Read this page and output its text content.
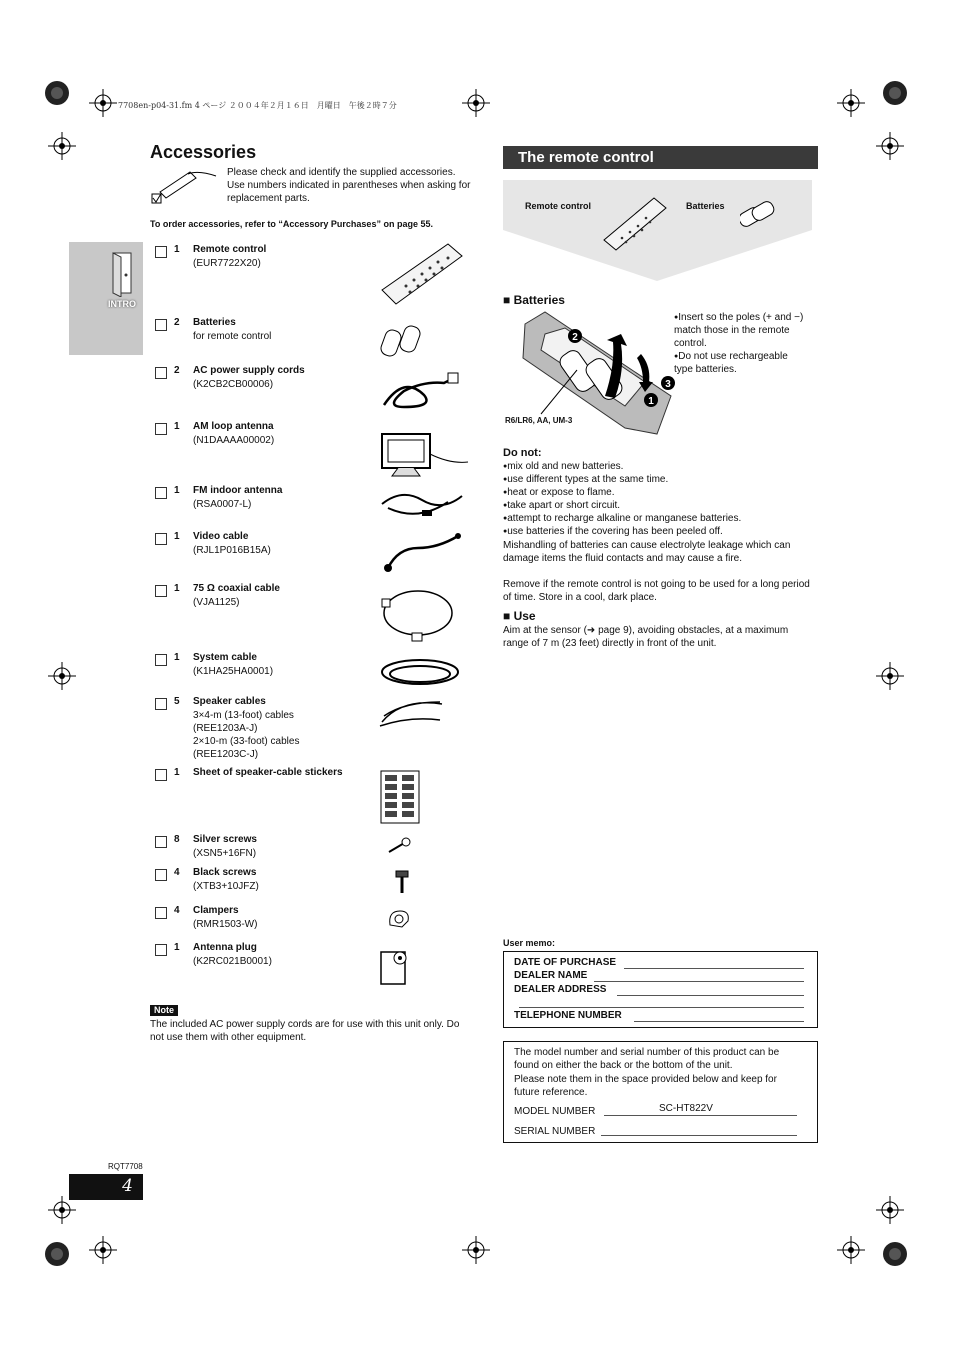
7708en-p04-31.fm 4 ページ ２００４年２月１６日　月曜日　午後２時７分
Accessories
Please check and identify the supplied accessories. Use numbers indicated in parentheses when asking for replacement parts.
To order accessories, refer to “Accessory Purchases” on page 55.
INTRO
1 Remote control
(EUR7722X20)
2 Batteries
for remote control
2 AC power supply cords
(K2CB2CB00006)
1 AM loop antenna
(N1DAAAA00002)
1 FM indoor antenna
(RSA0007-L)
1 Video cable
(RJL1P016B15A)
1 75 Ω coaxial cable
(VJA1125)
1 System cable
(K1HA25HA0001)
5 Speaker cables
3×4-m (13-foot) cables
(REE1203A-J)
2×10-m (33-foot) cables
(REE1203C-J)
1 Sheet of speaker-cable stickers
8 Silver screws
(XSN5+16FN)
4 Black screws
(XTB3+10JFZ)
4 Clampers
(RMR1503-W)
1 Antenna plug
(K2RC021B0001)
Note
The included AC power supply cords are for use with this unit only. Do not use them with other equipment.
The remote control
Remote control	Batteries
■ Batteries
2
3
1
● Insert so the poles (+ and −) match those in the remote control.
● Do not use rechargeable type batteries.
R6/LR6, AA, UM-3
Do not:
● mix old and new batteries.
● use different types at the same time.
● heat or expose to flame.
● take apart or short circuit.
● attempt to recharge alkaline or manganese batteries.
● use batteries if the covering has been peeled off.
Mishandling of batteries can cause electrolyte leakage which can damage items the fluid contacts and may cause a fire.
Remove if the remote control is not going to be used for a long period of time. Store in a cool, dark place.
■ Use
Aim at the sensor (➜ page 9), avoiding obstacles, at a maximum range of 7 m (23 feet) directly in front of the unit.
User memo:
DATE OF PURCHASE
DEALER NAME
DEALER ADDRESS
TELEPHONE NUMBER
The model number and serial number of this product can be found on either the back or the bottom of the unit.
Please note them in the space provided below and keep for future reference.
MODEL NUMBER	SC-HT822V
SERIAL NUMBER
RQT7708
4
